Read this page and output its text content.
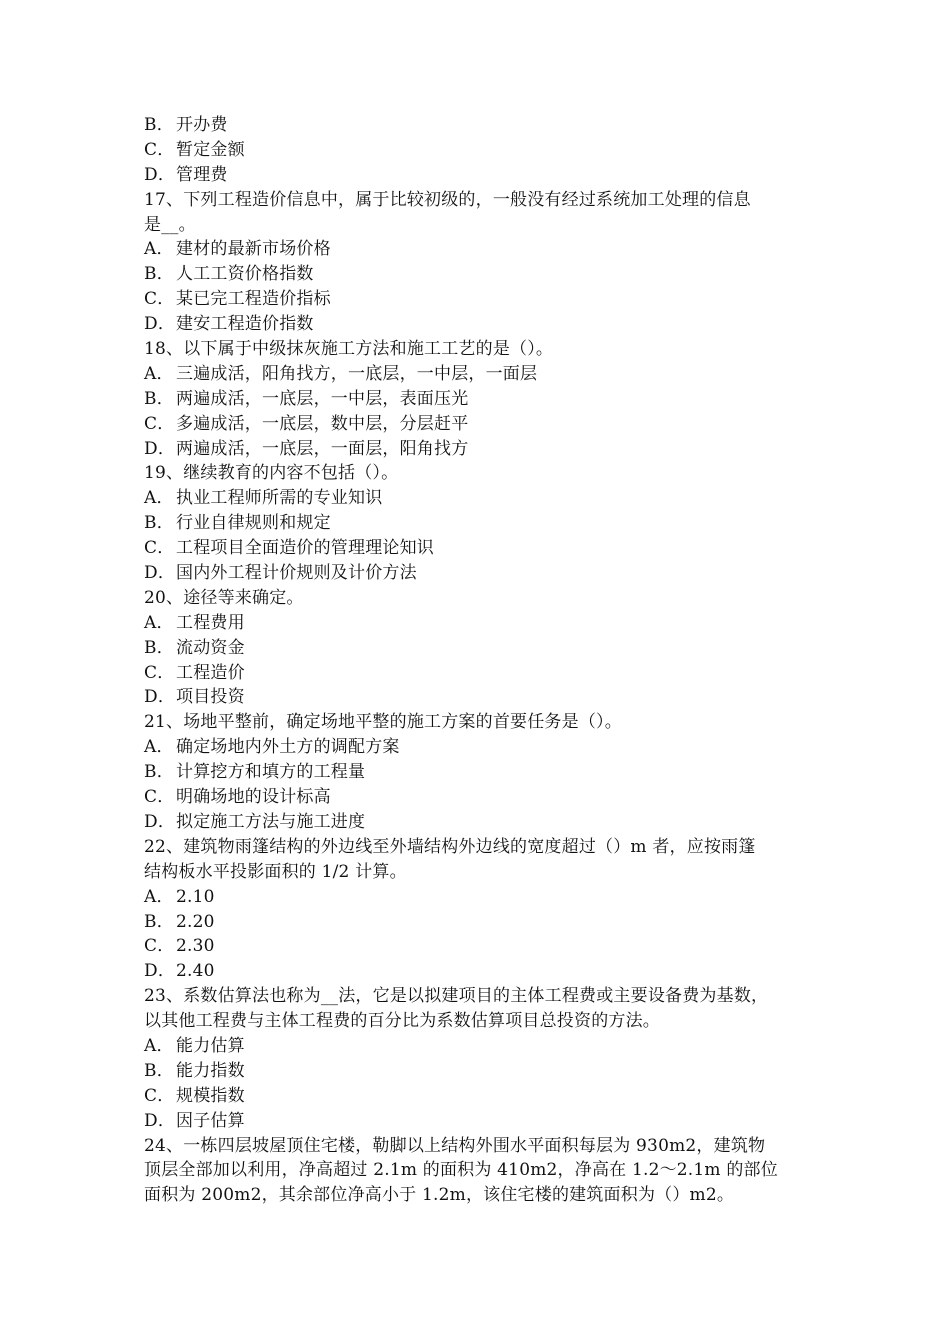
B． 开办费
C．暂定金额
D．管理费
17、下列工程造价信息中，属于比较初级的，一般没有经过系统加工处理的信息
是__。
A． 建材的最新市场价格
B． 人工工资价格指数
C．某已完工程造价指标
D．建安工程造价指数
18、以下属于中级抹灰施工方法和施工工艺的是（）。
A． 三遍成活，阳角找方，一底层，一中层，一面层
B． 两遍成活，一底层，一中层，表面压光
C．多遍成活，一底层，数中层，分层赶平
D．两遍成活，一底层，一面层，阳角找方
19、继续教育的内容不包括（）。
A． 执业工程师所需的专业知识
B． 行业自律规则和规定
C．工程项目全面造价的管理理论知识
D．国内外工程计价规则及计价方法
20、途径等来确定。
A． 工程费用
B． 流动资金
C．工程造价
D．项目投资
21、场地平整前，确定场地平整的施工方案的首要任务是（）。
A． 确定场地内外土方的调配方案
B． 计算挖方和填方的工程量
C．明确场地的设计标高
D．拟定施工方法与施工进度
22、建筑物雨篷结构的外边线至外墙结构外边线的宽度超过（）m 者，应按雨篷
结构板水平投影面积的 1/2 计算。
A． 2.10
B． 2.20
C．2.30
D．2.40
23、系数估算法也称为__法，它是以拟建项目的主体工程费或主要设备费为基数，
以其他工程费与主体工程费的百分比为系数估算项目总投资的方法。
A． 能力估算
B． 能力指数
C．规模指数
D．因子估算
24、一栋四层坡屋顶住宅楼，勒脚以上结构外围水平面积每层为 930m2，建筑物
顶层全部加以利用，净高超过 2.1m 的面积为 410m2，净高在 1.2～2.1m 的部位
面积为 200m2，其余部位净高小于 1.2m，该住宅楼的建筑面积为（）m2。
